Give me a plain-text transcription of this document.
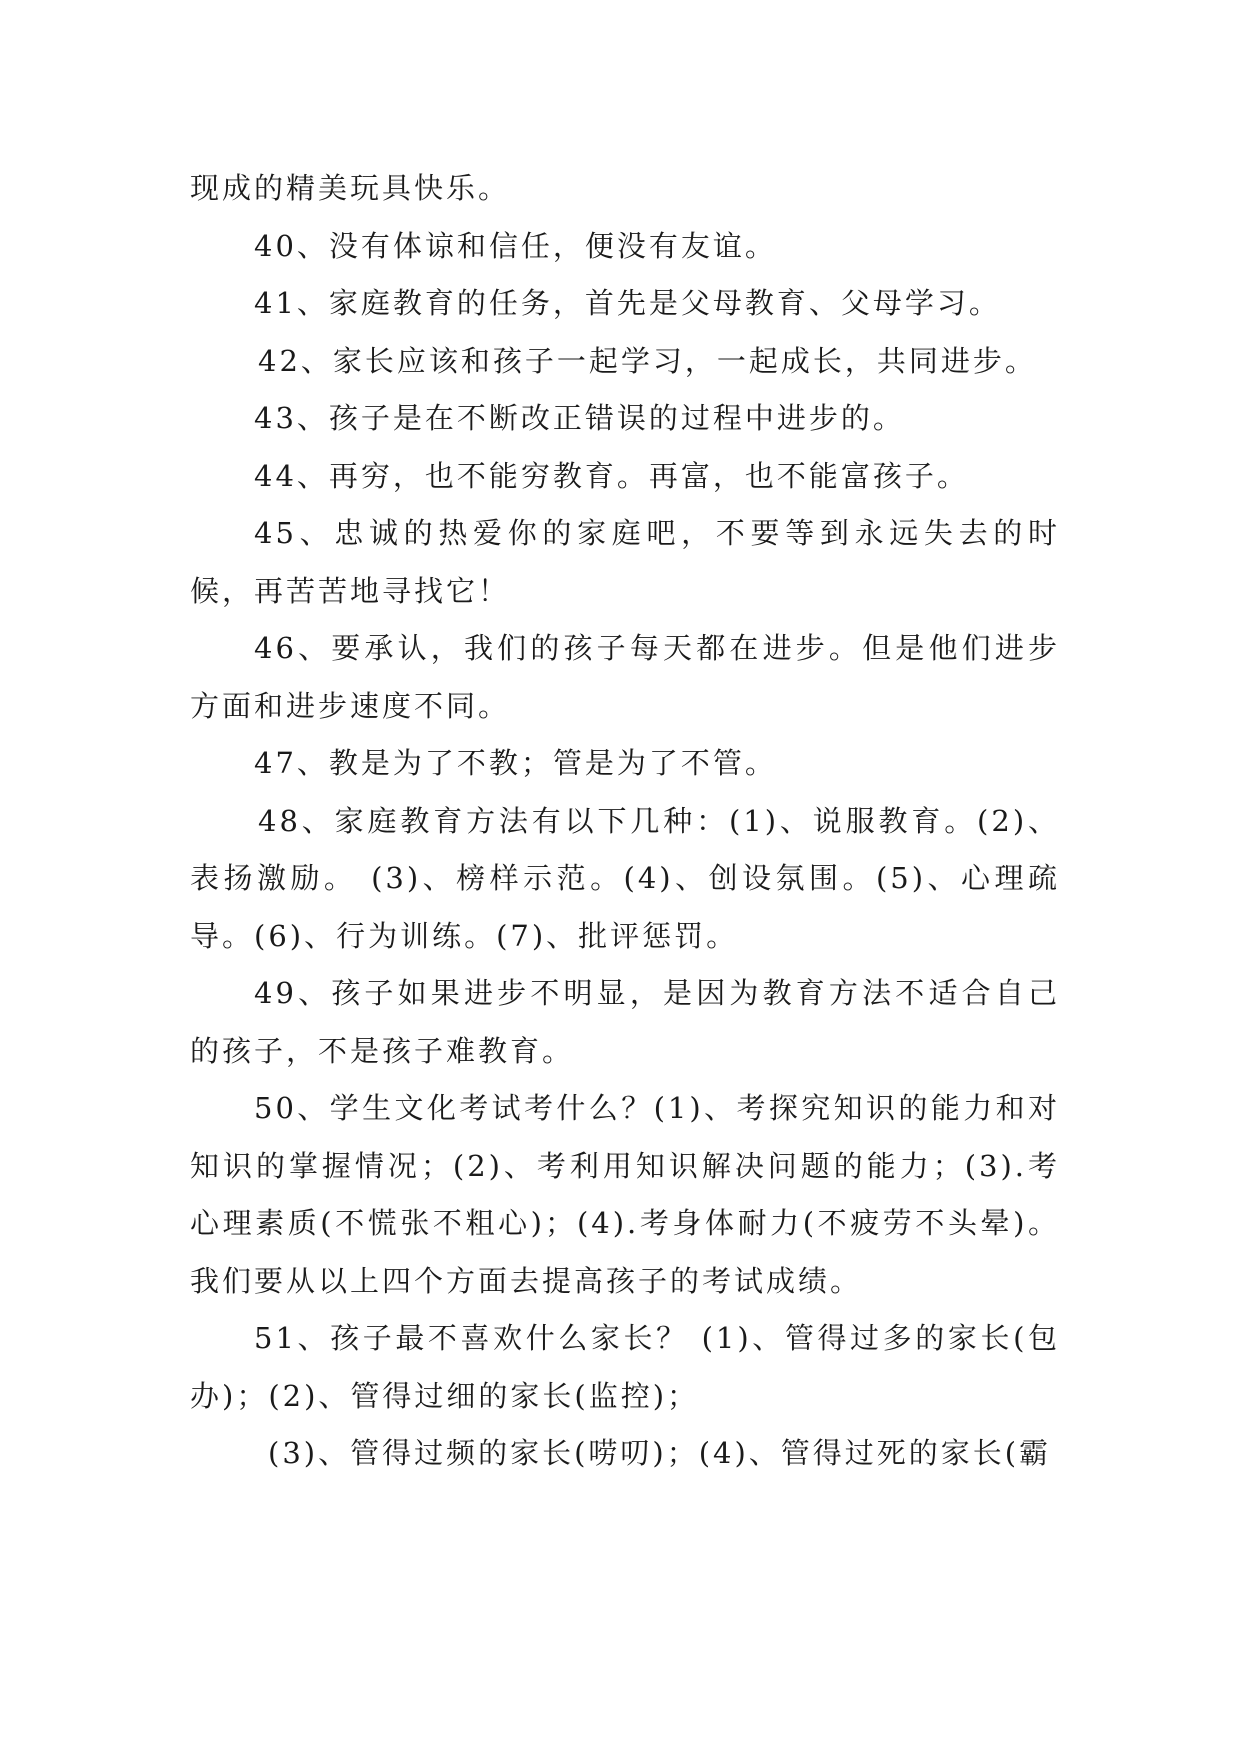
现成的精美玩具快乐。

40、没有体谅和信任，便没有友谊。

41、家庭教育的任务，首先是父母教育、父母学习。

42、家长应该和孩子一起学习，一起成长，共同进步。

43、孩子是在不断改正错误的过程中进步的。

44、再穷，也不能穷教育。再富，也不能富孩子。

45、忠诚的热爱你的家庭吧，不要等到永远失去的时候，再苦苦地寻找它！

46、要承认，我们的孩子每天都在进步。但是他们进步方面和进步速度不同。

47、教是为了不教；管是为了不管。

48、家庭教育方法有以下几种：(1)、说服教育。(2)、表扬激励。 (3)、榜样示范。(4)、创设氛围。(5)、心理疏导。(6)、行为训练。(7)、批评惩罚。

49、孩子如果进步不明显，是因为教育方法不适合自己的孩子，不是孩子难教育。

50、学生文化考试考什么？(1)、考探究知识的能力和对知识的掌握情况；(2)、考利用知识解决问题的能力；(3).考心理素质(不慌张不粗心)；(4).考身体耐力(不疲劳不头晕)。我们要从以上四个方面去提高孩子的考试成绩。

51、孩子最不喜欢什么家长？ (1)、管得过多的家长(包办)；(2)、管得过细的家长(监控)；

(3)、管得过频的家长(唠叨)；(4)、管得过死的家长(霸
